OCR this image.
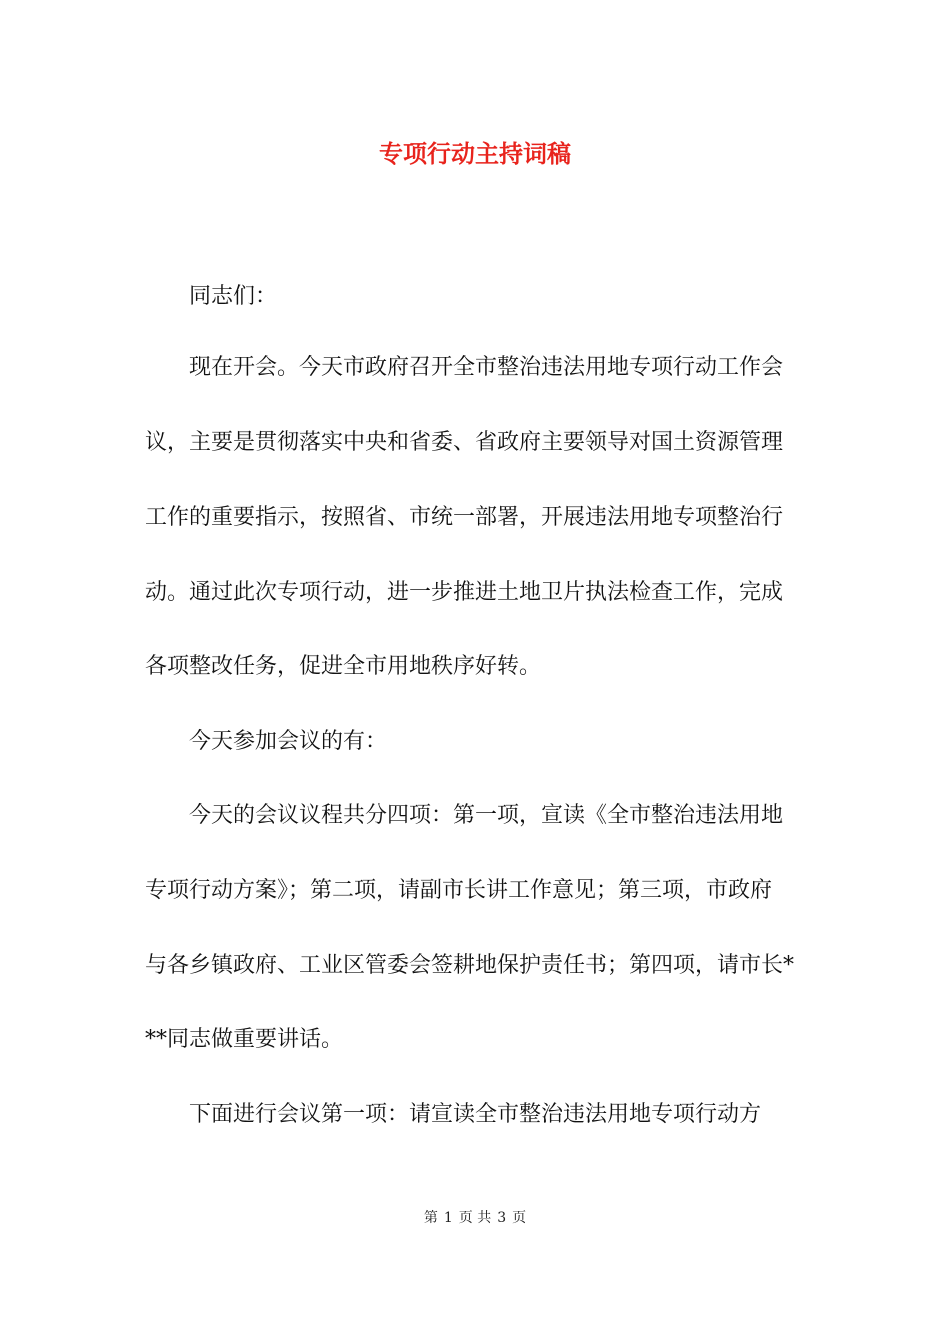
专项行动主持词稿
　　同志们：
　　现在开会。今天市政府召开全市整治违法用地专项行动工作会
议，主要是贯彻落实中央和省委、省政府主要领导对国土资源管理
工作的重要指示，按照省、市统一部署，开展违法用地专项整治行
动。通过此次专项行动，进一步推进土地卫片执法检查工作，完成
各项整改任务，促进全市用地秩序好转。
　　今天参加会议的有：
　　今天的会议议程共分四项：第一项，宣读《全市整治违法用地
专项行动方案》；第二项，请副市长讲工作意见；第三项，市政府
与各乡镇政府、工业区管委会签耕地保护责任书；第四项，请市长*
**同志做重要讲话。
　　下面进行会议第一项：请宣读全市整治违法用地专项行动方
第 1 页 共 3 页
